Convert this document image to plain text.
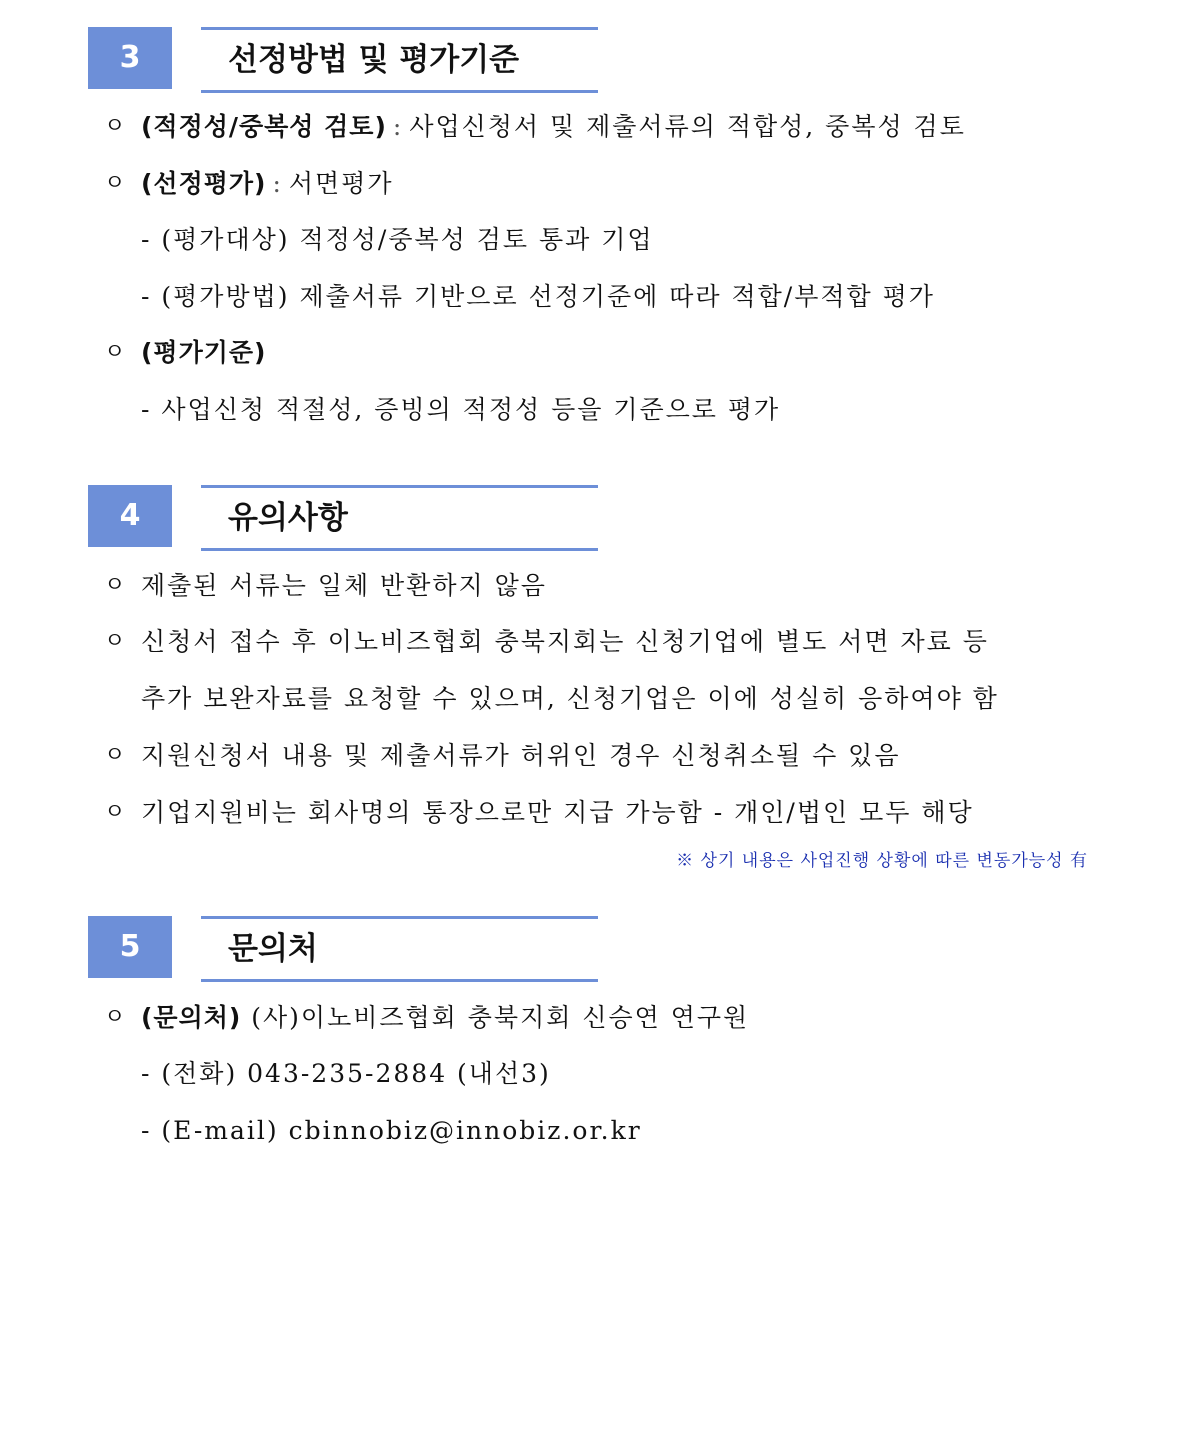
3	선정방법 및 평가기준
ㅇ (적정성/중복성 검토) : 사업신청서 및 제출서류의 적합성, 중복성 검토
ㅇ (선정평가) : 서면평가
- (평가대상) 적정성/중복성 검토 통과 기업
- (평가방법) 제출서류 기반으로 선정기준에 따라 적합/부적합 평가
ㅇ (평가기준)
- 사업신청 적절성, 증빙의 적정성 등을 기준으로 평가
4	유의사항
ㅇ 제출된 서류는 일체 반환하지 않음
ㅇ 신청서 접수 후 이노비즈협회 충북지회는 신청기업에 별도 서면 자료 등
추가 보완자료를 요청할 수 있으며, 신청기업은 이에 성실히 응하여야 함
ㅇ 지원신청서 내용 및 제출서류가 허위인 경우 신청취소될 수 있음
ㅇ 기업지원비는 회사명의 통장으로만 지급 가능함 - 개인/법인 모두 해당
※ 상기 내용은 사업진행 상황에 따른 변동가능성 有
5	문의처
ㅇ (문의처) (사)이노비즈협회 충북지회 신승연 연구원
- (전화) 043-235-2884 (내선3)
- (E-mail) cbinnobiz@innobiz.or.kr
